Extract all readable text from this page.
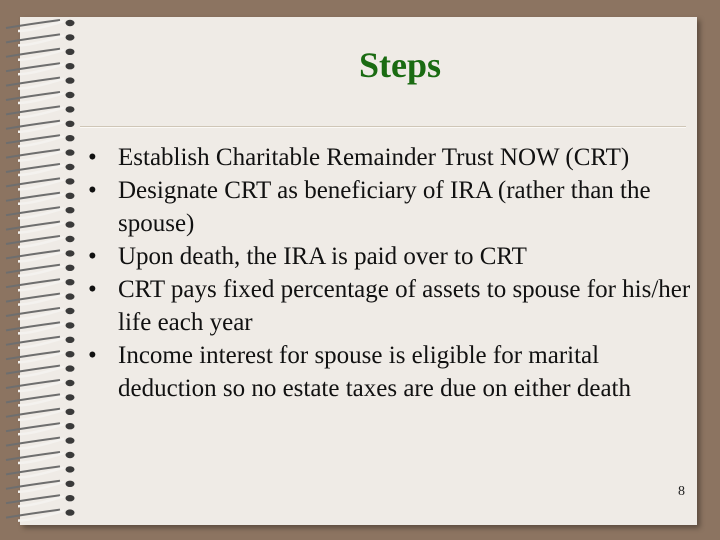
Steps
• Establish Charitable Remainder Trust NOW (CRT)
• Designate CRT as beneficiary of IRA (rather than the spouse)
• Upon death, the IRA is paid over to CRT
• CRT pays fixed percentage of assets to spouse for his/her life each year
• Income interest for spouse is eligible for marital deduction so no estate taxes are due on either death
8
